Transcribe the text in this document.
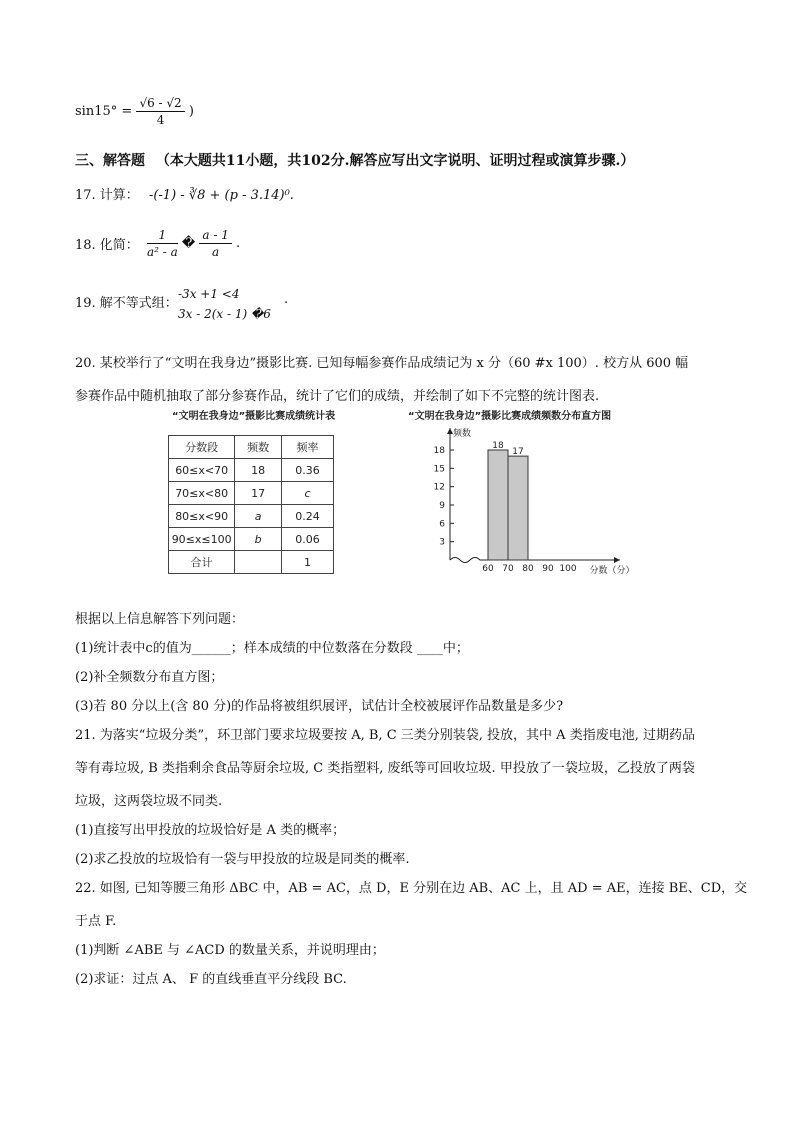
$\sin 15^\circ = \frac{√6 - √2}{4}$ )
三、解答题 （本大题共11小题，共102分.解答应写出文字说明、证明过程或演算步骤.）
17. 计算： -(-1) - ∛8 + (p - 3.14)⁰.
18. 化简： $\frac{1}{\text{a² - a}}$ � $\frac{a - 1}{a}$ .
19. 解不等式组：
-3x +1 <4
3x - 2(x - 1) �6
.
20. 某校举行了“文明在我身边”摄影比赛. 已知每幅参赛作品成绩记为 x 分（60 #x 100）. 校方从 600 幅
参赛作品中随机抽取了部分参赛作品，统计了它们的成绩，并绘制了如下不完整的统计图表.
“文明在我身边”摄影比赛成绩统计表
分数段	频数	频率
60≤x<70	18	0.36
70≤x<80	17	c
80≤x<90	a	0.24
90≤x≤100	b	0.06
合计		1
“文明在我身边”摄影比赛成绩频数分布直方图
3
6
9
12
15
18
频数
60 70 80 90 100 分数（分）
18
17
根据以上信息解答下列问题：
(1)统计表中c的值为______；样本成绩的中位数落在分数段 ____中；
(2)补全频数分布直方图；
(3)若 80 分以上(含 80 分)的作品将被组织展评，试估计全校被展评作品数量是多少?
21. 为落实“垃圾分类”，环卫部门要求垃圾要按 A, B, C 三类分别装袋, 投放，其中 A 类指废电池, 过期药品
等有毒垃圾, B 类指剩余食品等厨余垃圾, C 类指塑料, 废纸等可回收垃圾. 甲投放了一袋垃圾，乙投放了两袋
垃圾，这两袋垃圾不同类.
(1)直接写出甲投放的垃圾恰好是 A 类的概率；
(2)求乙投放的垃圾恰有一袋与甲投放的垃圾是同类的概率.
22. 如图, 已知等腰三角形 ΔBC 中，AB = AC，点 D，E 分别在边 AB、AC 上，且 AD = AE，连接 BE、CD，交
于点 F.
(1)判断 ∠ABE 与 ∠ACD 的数量关系，并说明理由；
(2)求证：过点 A、 F 的直线垂直平分线段 BC.
